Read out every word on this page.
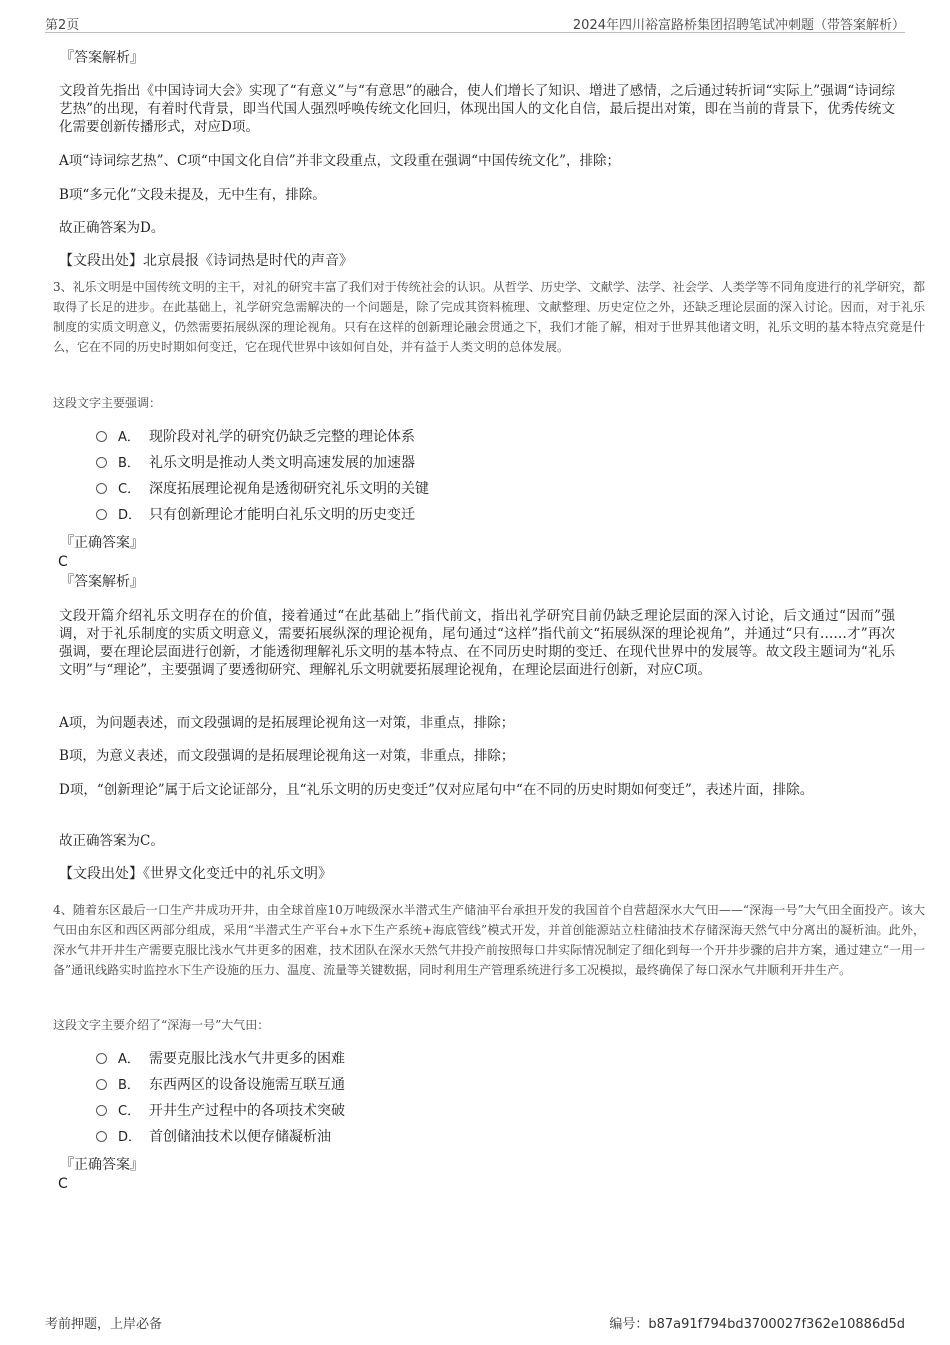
第2页	2024年四川裕富路桥集团招聘笔试冲刺题（带答案解析）
『答案解析』
文段首先指出《中国诗词大会》实现了“有意义”与“有意思”的融合，使人们增长了知识、增进了感情，之后通过转折词“实际上”强调“诗词综艺热”的出现，有着时代背景，即当代国人强烈呼唤传统文化回归，体现出国人的文化自信，最后提出对策，即在当前的背景下，优秀传统文化需要创新传播形式，对应D项。
A项“诗词综艺热”、C项“中国文化自信”并非文段重点，文段重在强调“中国传统文化”，排除；
B项“多元化”文段未提及，无中生有，排除。
故正确答案为D。
【文段出处】北京晨报《诗词热是时代的声音》
3、礼乐文明是中国传统文明的主干，对礼的研究丰富了我们对于传统社会的认识。从哲学、历史学、文献学、法学、社会学、人类学等不同角度进行的礼学研究，都取得了长足的进步。在此基础上，礼学研究急需解决的一个问题是，除了完成其资料梳理、文献整理、历史定位之外，还缺乏理论层面的深入讨论。因而，对于礼乐制度的实质文明意义，仍然需要拓展纵深的理论视角。只有在这样的创新理论融会贯通之下，我们才能了解，相对于世界其他诸文明，礼乐文明的基本特点究竟是什么，它在不同的历史时期如何变迁，它在现代世界中该如何自处，并有益于人类文明的总体发展。
这段文字主要强调：
A． 现阶段对礼学的研究仍缺乏完整的理论体系
B． 礼乐文明是推动人类文明高速发展的加速器
C． 深度拓展理论视角是透彻研究礼乐文明的关键
D． 只有创新理论才能明白礼乐文明的历史变迁
『正确答案』
C
『答案解析』
文段开篇介绍礼乐文明存在的价值，接着通过“在此基础上”指代前文，指出礼学研究目前仍缺乏理论层面的深入讨论，后文通过“因而”强调，对于礼乐制度的实质文明意义，需要拓展纵深的理论视角，尾句通过“这样”指代前文“拓展纵深的理论视角”，并通过“只有……才”再次强调，要在理论层面进行创新，才能透彻理解礼乐文明的基本特点、在不同历史时期的变迁、在现代世界中的发展等。故文段主题词为“礼乐文明”与“理论”，主要强调了要透彻研究、理解礼乐文明就要拓展理论视角，在理论层面进行创新，对应C项。
A项，为问题表述，而文段强调的是拓展理论视角这一对策，非重点，排除；
B项，为意义表述，而文段强调的是拓展理论视角这一对策，非重点，排除；
D项，“创新理论”属于后文论证部分，且“礼乐文明的历史变迁”仅对应尾句中“在不同的历史时期如何变迁”，表述片面，排除。
故正确答案为C。
【文段出处】《世界文化变迁中的礼乐文明》
4、随着东区最后一口生产井成功开井，由全球首座10万吨级深水半潜式生产储油平台承担开发的我国首个自营超深水大气田——“深海一号”大气田全面投产。该大气田由东区和西区两部分组成，采用“半潜式生产平台+水下生产系统+海底管线”模式开发，并首创能源站立柱储油技术存储深海天然气中分离出的凝析油。此外，深水气井开井生产需要克服比浅水气井更多的困难，技术团队在深水天然气井投产前按照每口井实际情况制定了细化到每一个开井步骤的启井方案，通过建立“一用一备”通讯线路实时监控水下生产设施的压力、温度、流量等关键数据，同时利用生产管理系统进行多工况模拟，最终确保了每口深水气井顺利开井生产。
这段文字主要介绍了“深海一号”大气田：
A． 需要克服比浅水气井更多的困难
B． 东西两区的设备设施需互联互通
C． 开井生产过程中的各项技术突破
D． 首创储油技术以便存储凝析油
『正确答案』
C
考前押题，上岸必备	编号：b87a91f794bd3700027f362e10886d5d
